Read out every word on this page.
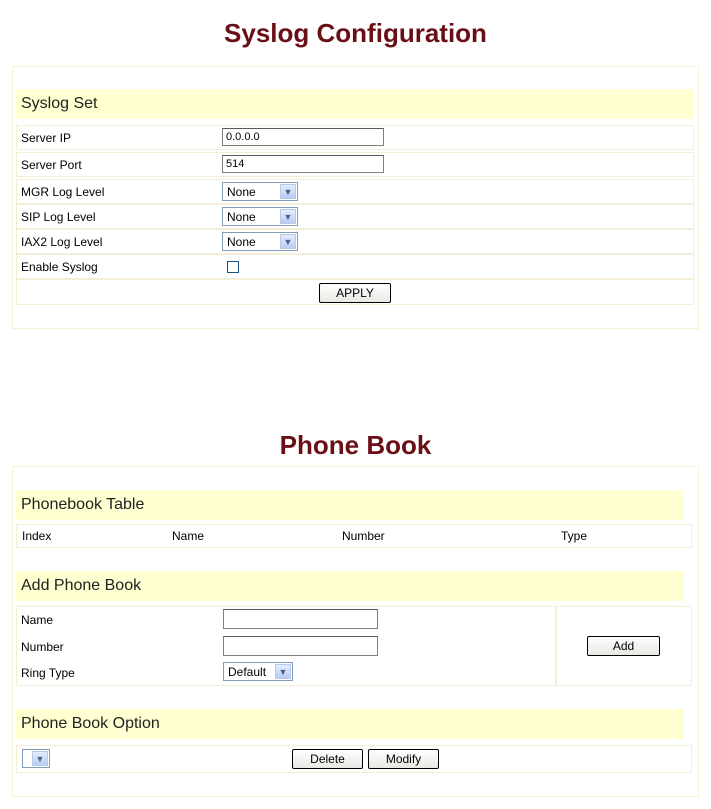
Syslog Configuration
Syslog Set
Server IP	0.0.0.0
Server Port	514
MGR Log Level	None	▼
SIP Log Level	None	▼
IAX2 Log Level	None	▼
Enable Syslog
APPLY
Phone Book
Phonebook Table
Index	Name	Number	Type
Add Phone Book
Name
Number
Ring Type	Default	▼
Add
Phone Book Option
▼	Delete	Modify
